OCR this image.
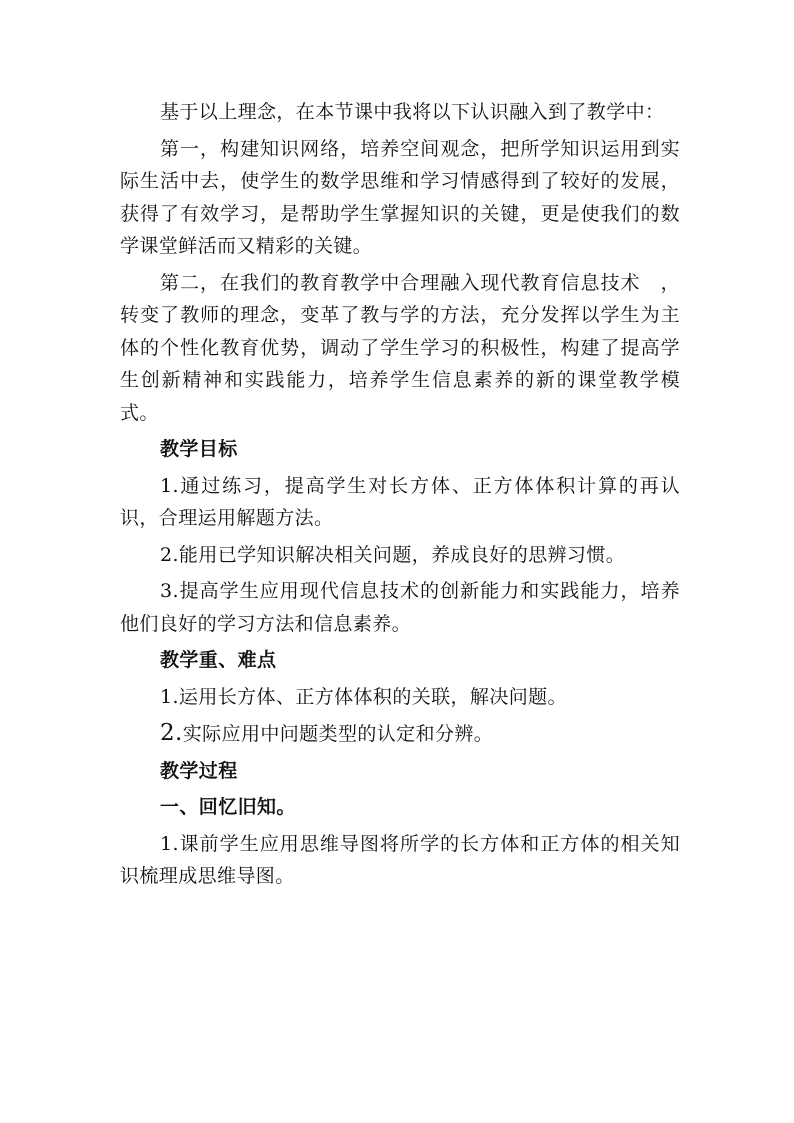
基于以上理念，在本节课中我将以下认识融入到了教学中：

第一，构建知识网络，培养空间观念，把所学知识运用到实际生活中去，使学生的数学思维和学习情感得到了较好的发展，获得了有效学习，是帮助学生掌握知识的关键，更是使我们的数学课堂鲜活而又精彩的关键。

第二，在我们的教育教学中合理融入现代教育信息技术　，转变了教师的理念，变革了教与学的方法，充分发挥以学生为主体的个性化教育优势，调动了学生学习的积极性，构建了提高学生创新精神和实践能力，培养学生信息素养的新的课堂教学模式。

教学目标

1.通过练习，提高学生对长方体、正方体体积计算的再认识，合理运用解题方法。

2.能用已学知识解决相关问题，养成良好的思辨习惯。

3.提高学生应用现代信息技术的创新能力和实践能力，培养他们良好的学习方法和信息素养。

教学重、难点

1.运用长方体、正方体体积的关联，解决问题。

2.实际应用中问题类型的认定和分辨。

教学过程

一、回忆旧知。

1.课前学生应用思维导图将所学的长方体和正方体的相关知识梳理成思维导图。
